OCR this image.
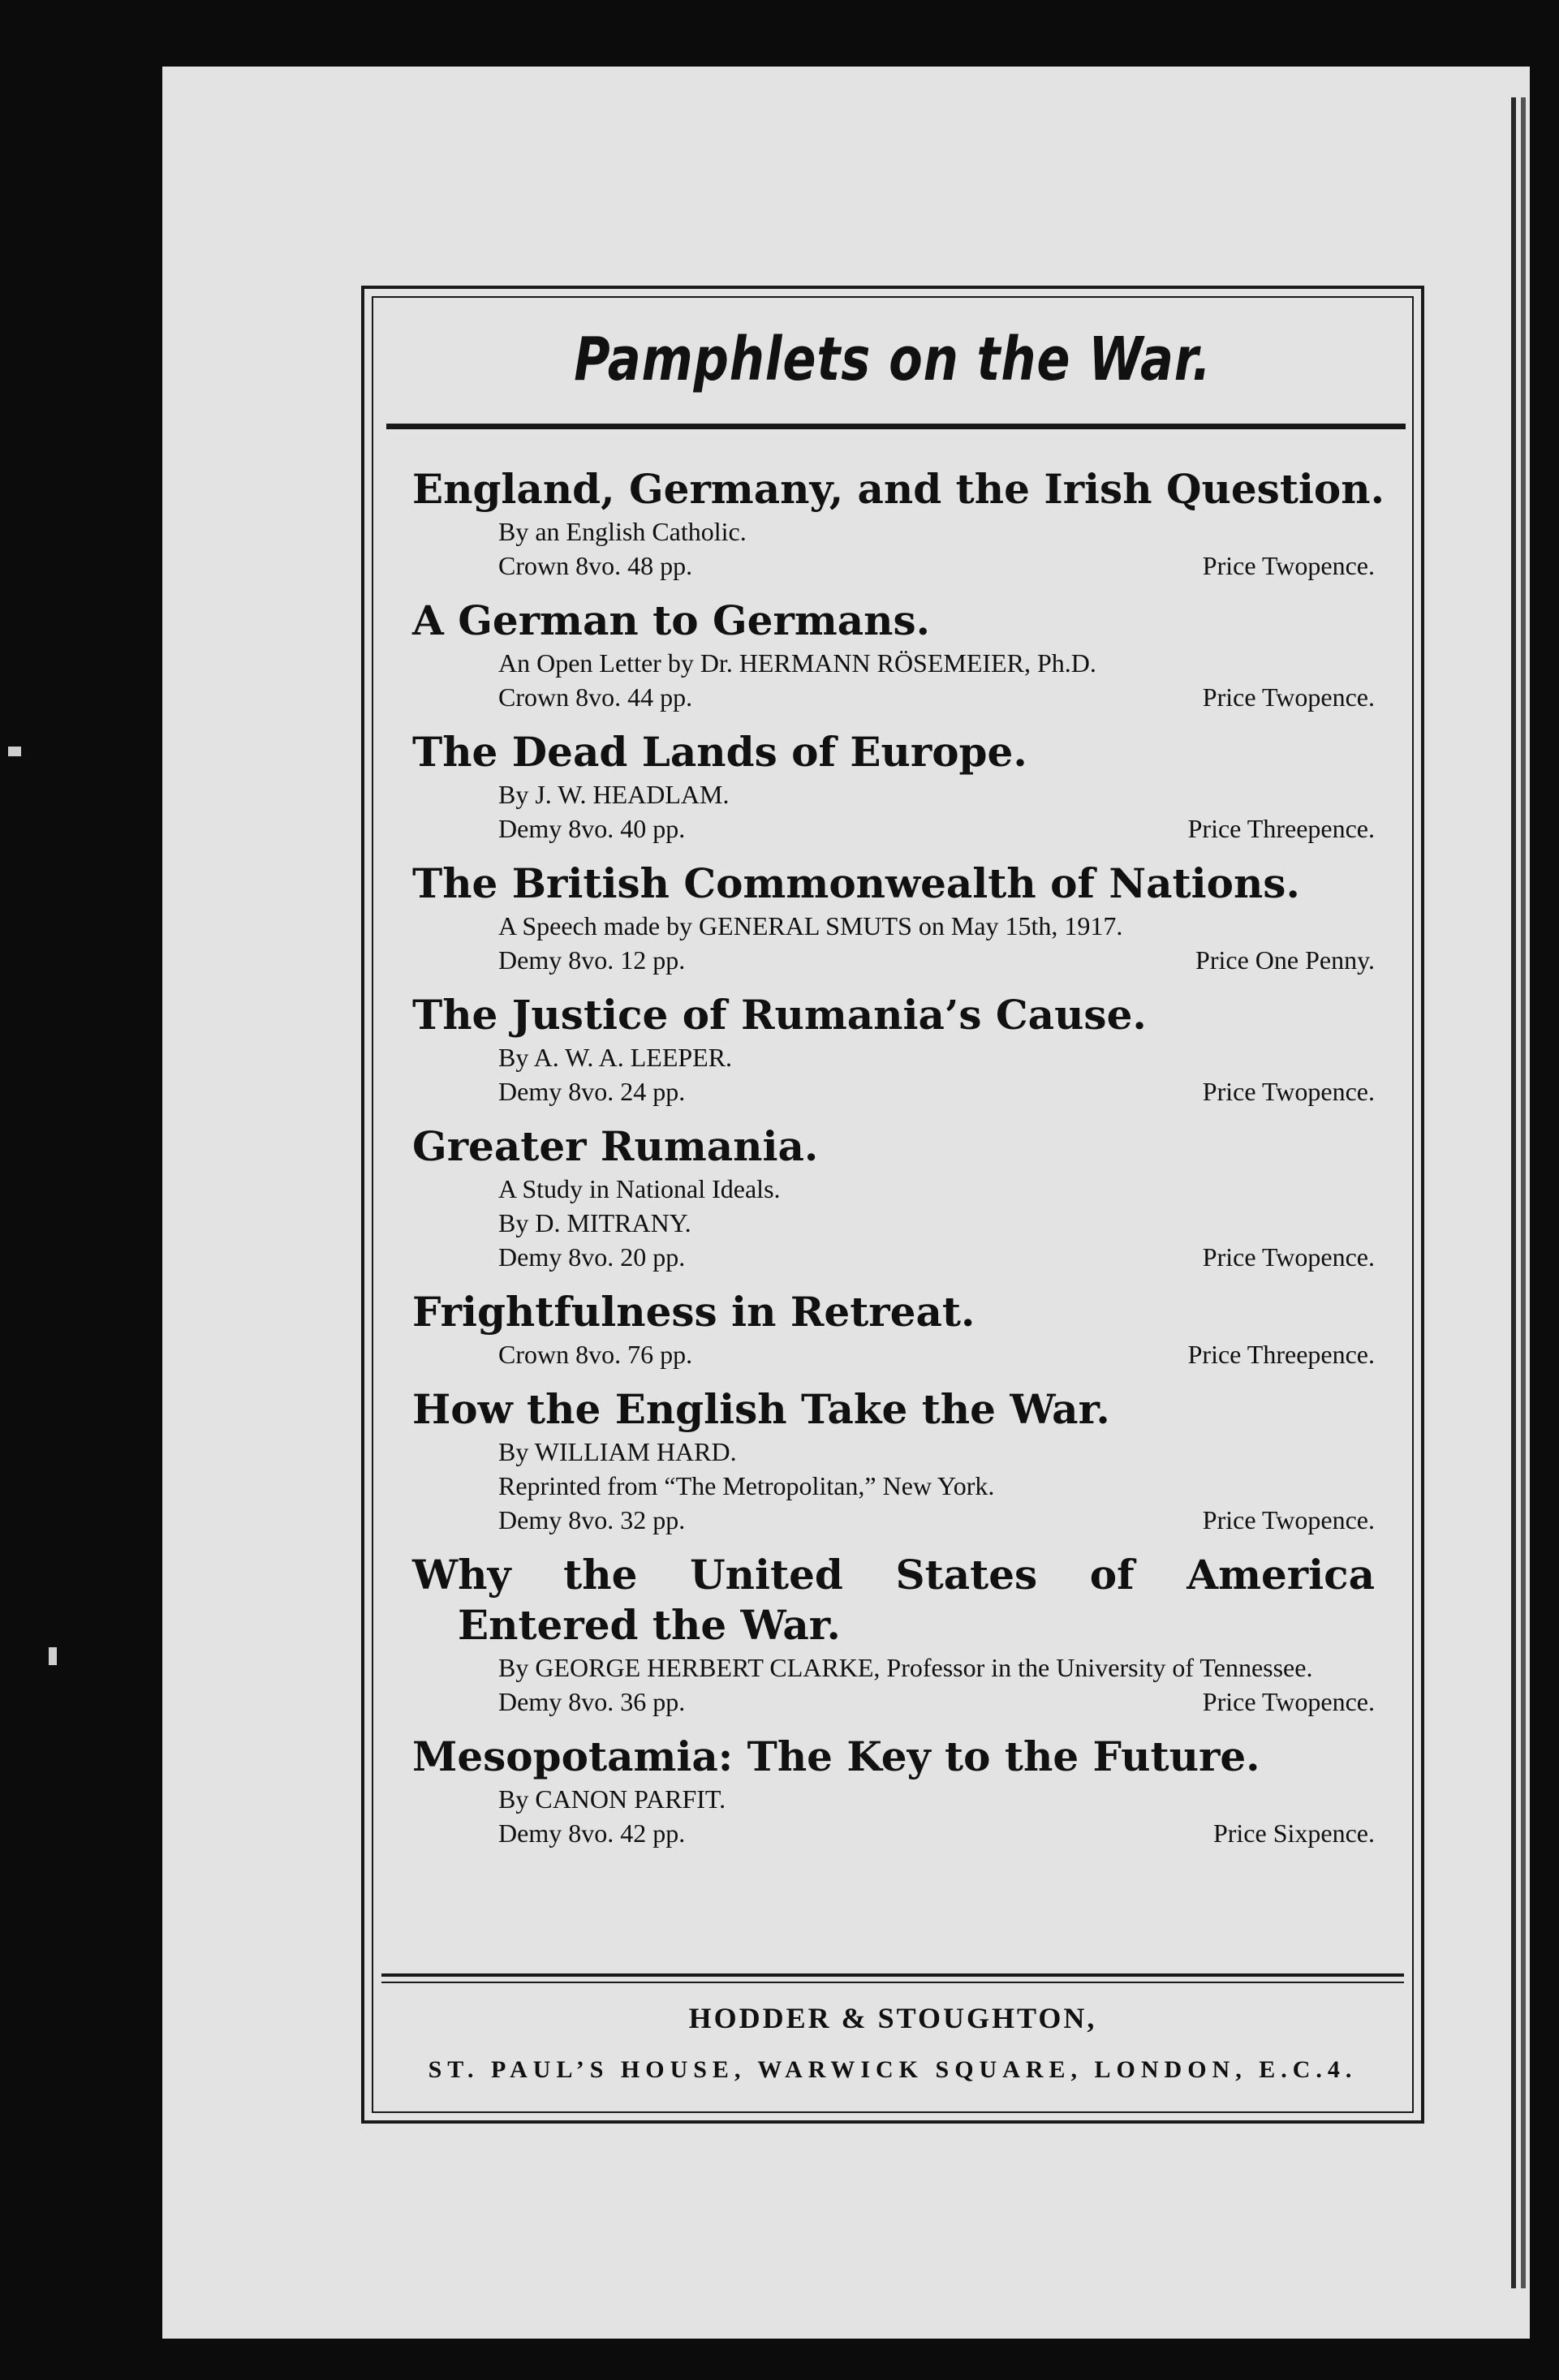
Pamphlets on the War.
England, Germany, and the Irish Question.
By an English Catholic.
Crown 8vo. 48 pp.	Price Twopence.
A German to Germans.
An Open Letter by Dr. HERMANN RÖSEMEIER, Ph.D.
Crown 8vo. 44 pp.	Price Twopence.
The Dead Lands of Europe.
By J. W. HEADLAM.
Demy 8vo. 40 pp.	Price Threepence.
The British Commonwealth of Nations.
A Speech made by GENERAL SMUTS on May 15th, 1917.
Demy 8vo. 12 pp.	Price One Penny.
The Justice of Rumania’s Cause.
By A. W. A. LEEPER.
Demy 8vo. 24 pp.	Price Twopence.
Greater Rumania.
A Study in National Ideals.
By D. MITRANY.
Demy 8vo. 20 pp.	Price Twopence.
Frightfulness in Retreat.
Crown 8vo. 76 pp.	Price Threepence.
How the English Take the War.
By WILLIAM HARD.
Reprinted from “The Metropolitan,” New York.
Demy 8vo. 32 pp.	Price Twopence.
Why the United States of America Entered the War.
By GEORGE HERBERT CLARKE, Professor in the University of Tennessee.
Demy 8vo. 36 pp.	Price Twopence.
Mesopotamia: The Key to the Future.
By CANON PARFIT.
Demy 8vo. 42 pp.	Price Sixpence.
HODDER & STOUGHTON,
ST. PAUL’S HOUSE, WARWICK SQUARE, LONDON, E.C.4.
